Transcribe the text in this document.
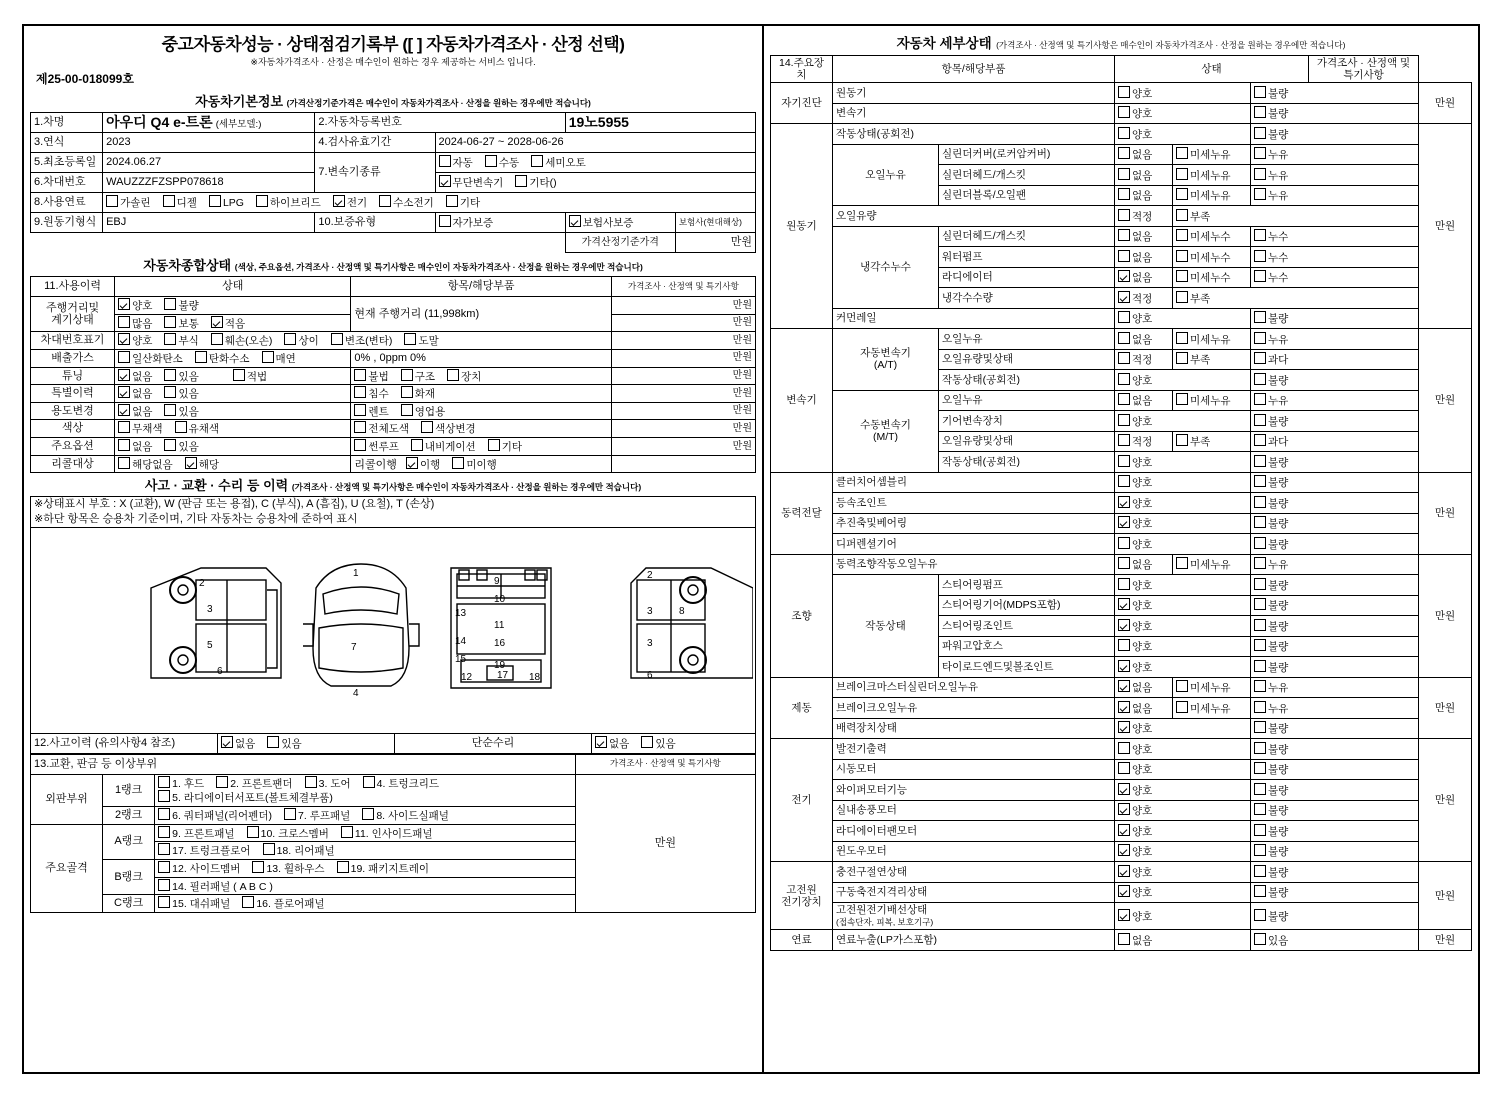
중고자동차성능 · 상태점검기록부 ([ ] 자동차가격조사 · 산정 선택)
※자동차가격조사 · 산정은 매수인이 원하는 경우 제공하는 서비스 입니다.
제25-00-018099호
자동차기본정보 (가격산정기준가격은 매수인이 자동차가격조사 · 산정을 원하는 경우에만 적습니다)
1.차명	아우디 Q4 e-트론 (세부모델:)	2.자동차등록번호		19노5955	
3.연식	2023	4.검사유효기간	2024-06-27 ~ 2028-06-26		
5.최초등록일	2024.06.27	7.변속기종류	자동 수동 세미오토		
6.차대번호	WAUZZZFZSPP078618		무단변속기 기타()		
8.사용연료	가솔린 디젤 LPG 하이브리드 전기 수소전기 기타				
9.원동기형식	EBJ	10.보증유형	자가보증	보험사보증	보험사(현대해상)
				가격산정기준가격	만원
자동차종합상태 (색상, 주요옵션, 가격조사 · 산정액 및 특기사항은 매수인이 자동차가격조사 · 산정을 원하는 경우에만 적습니다)
11.사용이력	상태	항목/해당부품	가격조사 · 산정액 및 특기사항
주행거리및
계기상태	양호 불량	현재 주행거리 (11,998km)	만원
	많음 보통 적음		만원
차대번호표기	양호 부식 훼손(오손) 상이 변조(변타) 도말		만원
배출가스	일산화탄소 탄화수소 매연	0% , 0ppm 0%	만원
튜닝	없음 있음 적법	불법 구조 장치	만원
특별이력	없음 있음	침수 화재	만원
용도변경	없음 있음	렌트 영업용	만원
색상	무채색 유채색	전체도색 색상변경	만원
주요옵션	없음 있음	썬루프 내비게이션 기타	만원
리콜대상	해당없음 해당	리콜이행 이행 미이행	
사고 · 교환 · 수리 등 이력 (가격조사 · 산정액 및 특기사항은 매수인이 자동차가격조사 · 산정을 원하는 경우에만 적습니다)
※상태표시 부호 : X (교환), W (판금 또는 용접), C (부식), A (흠집), U (요철), T (손상)
※하단 항목은 승용차 기준이며, 기타 자동차는 승용차에 준하여 표시

2
3
5
6
1
7
4
9
10
11
16
19
17 18
12
2
3	8
3
6
13
14
15

12.사고이력 (유의사항4 참조)	없음 있음	단순수리	없음 있음
13.교환, 판금 등 이상부위			가격조사 · 산정액 및 특기사항
외판부위	1랭크	1. 후드 2. 프론트팬더 3. 도어 4. 트렁크리드
5. 라디에이터서포트(볼트체결부품)	만원
	2랭크	6. 쿼터패널(리어펜더) 7. 루프패널 8. 사이드실패널	
주요골격	A랭크	9. 프론트패널 10. 크로스멤버 11. 인사이드패널	
		17. 트렁크플로어 18. 리어패널	
	B랭크	12. 사이드멤버 13. 휠하우스 19. 패키지트레이	
		14. 필러패널 ( A B C )	
	C랭크	15. 대쉬패널 16. 플로어패널	
자동차 세부상태 (가격조사 · 산정액 및 특기사항은 매수인이 자동차가격조사 · 산정을 원하는 경우에만 적습니다)
14.주요장치	항목/해당부품		상태			가격조사 · 산정액 및 특기사항	
자기진단	원동기		양호		불량		만원
	변속기		양호		불량		
원동기	작동상태(공회전)		양호		불량		만원
	오일누유	실린더커버(로커암커버)	없음	미세누유	누유		
		실린더헤드/개스킷	없음	미세누유	누유		
		실린더블록/오일팬	없음	미세누유	누유		
	오일유량		적정	부족			
	냉각수누수	실린더헤드/개스킷	없음	미세누수	누수		
		워터펌프	없음	미세누수	누수		
		라디에이터	없음	미세누수	누수		
		냉각수수량	적정	부족			
	커먼레일		양호		불량		
변속기	자동변속기
(A/T)	오일누유	없음	미세누유	누유		만원
		오일유량및상태	적정	부족	과다		
		작동상태(공회전)	양호		불량		
	수동변속기
(M/T)	오일누유	없음	미세누유	누유		
		기어변속장치	양호		불량		
		오일유량및상태	적정	부족	과다		
		작동상태(공회전)	양호		불량		
동력전달	클러치어셈블리		양호		불량		만원
	등속조인트		양호		불량		
	추진축및베어링		양호		불량		
	디퍼렌셜기어		양호		불량		
조향	동력조향작동오일누유		없음	미세누유	누유		만원
	작동상태	스티어링펌프	양호		불량		
		스티어링기어(MDPS포함)	양호		불량		
		스티어링조인트	양호		불량		
		파워고압호스	양호		불량		
		타이로드엔드및볼조인트	양호		불량		
제동	브레이크마스터실린더오일누유		없음	미세누유	누유		만원
	브레이크오일누유		없음	미세누유	누유		
	배력장치상태		양호		불량		
전기	발전기출력		양호		불량		만원
	시동모터		양호		불량		
	와이퍼모터기능		양호		불량		
	실내송풍모터		양호		불량		
	라디에이터팬모터		양호		불량		
	윈도우모터		양호		불량		
고전원
전기장치	충전구절연상태		양호		불량		만원
	구동축전지격리상태		양호		불량		
	고전원전기배선상태
(접속단자, 피복, 보호기구)		양호		불량		
연료	연료누출(LP가스포함)		없음		있음		만원
